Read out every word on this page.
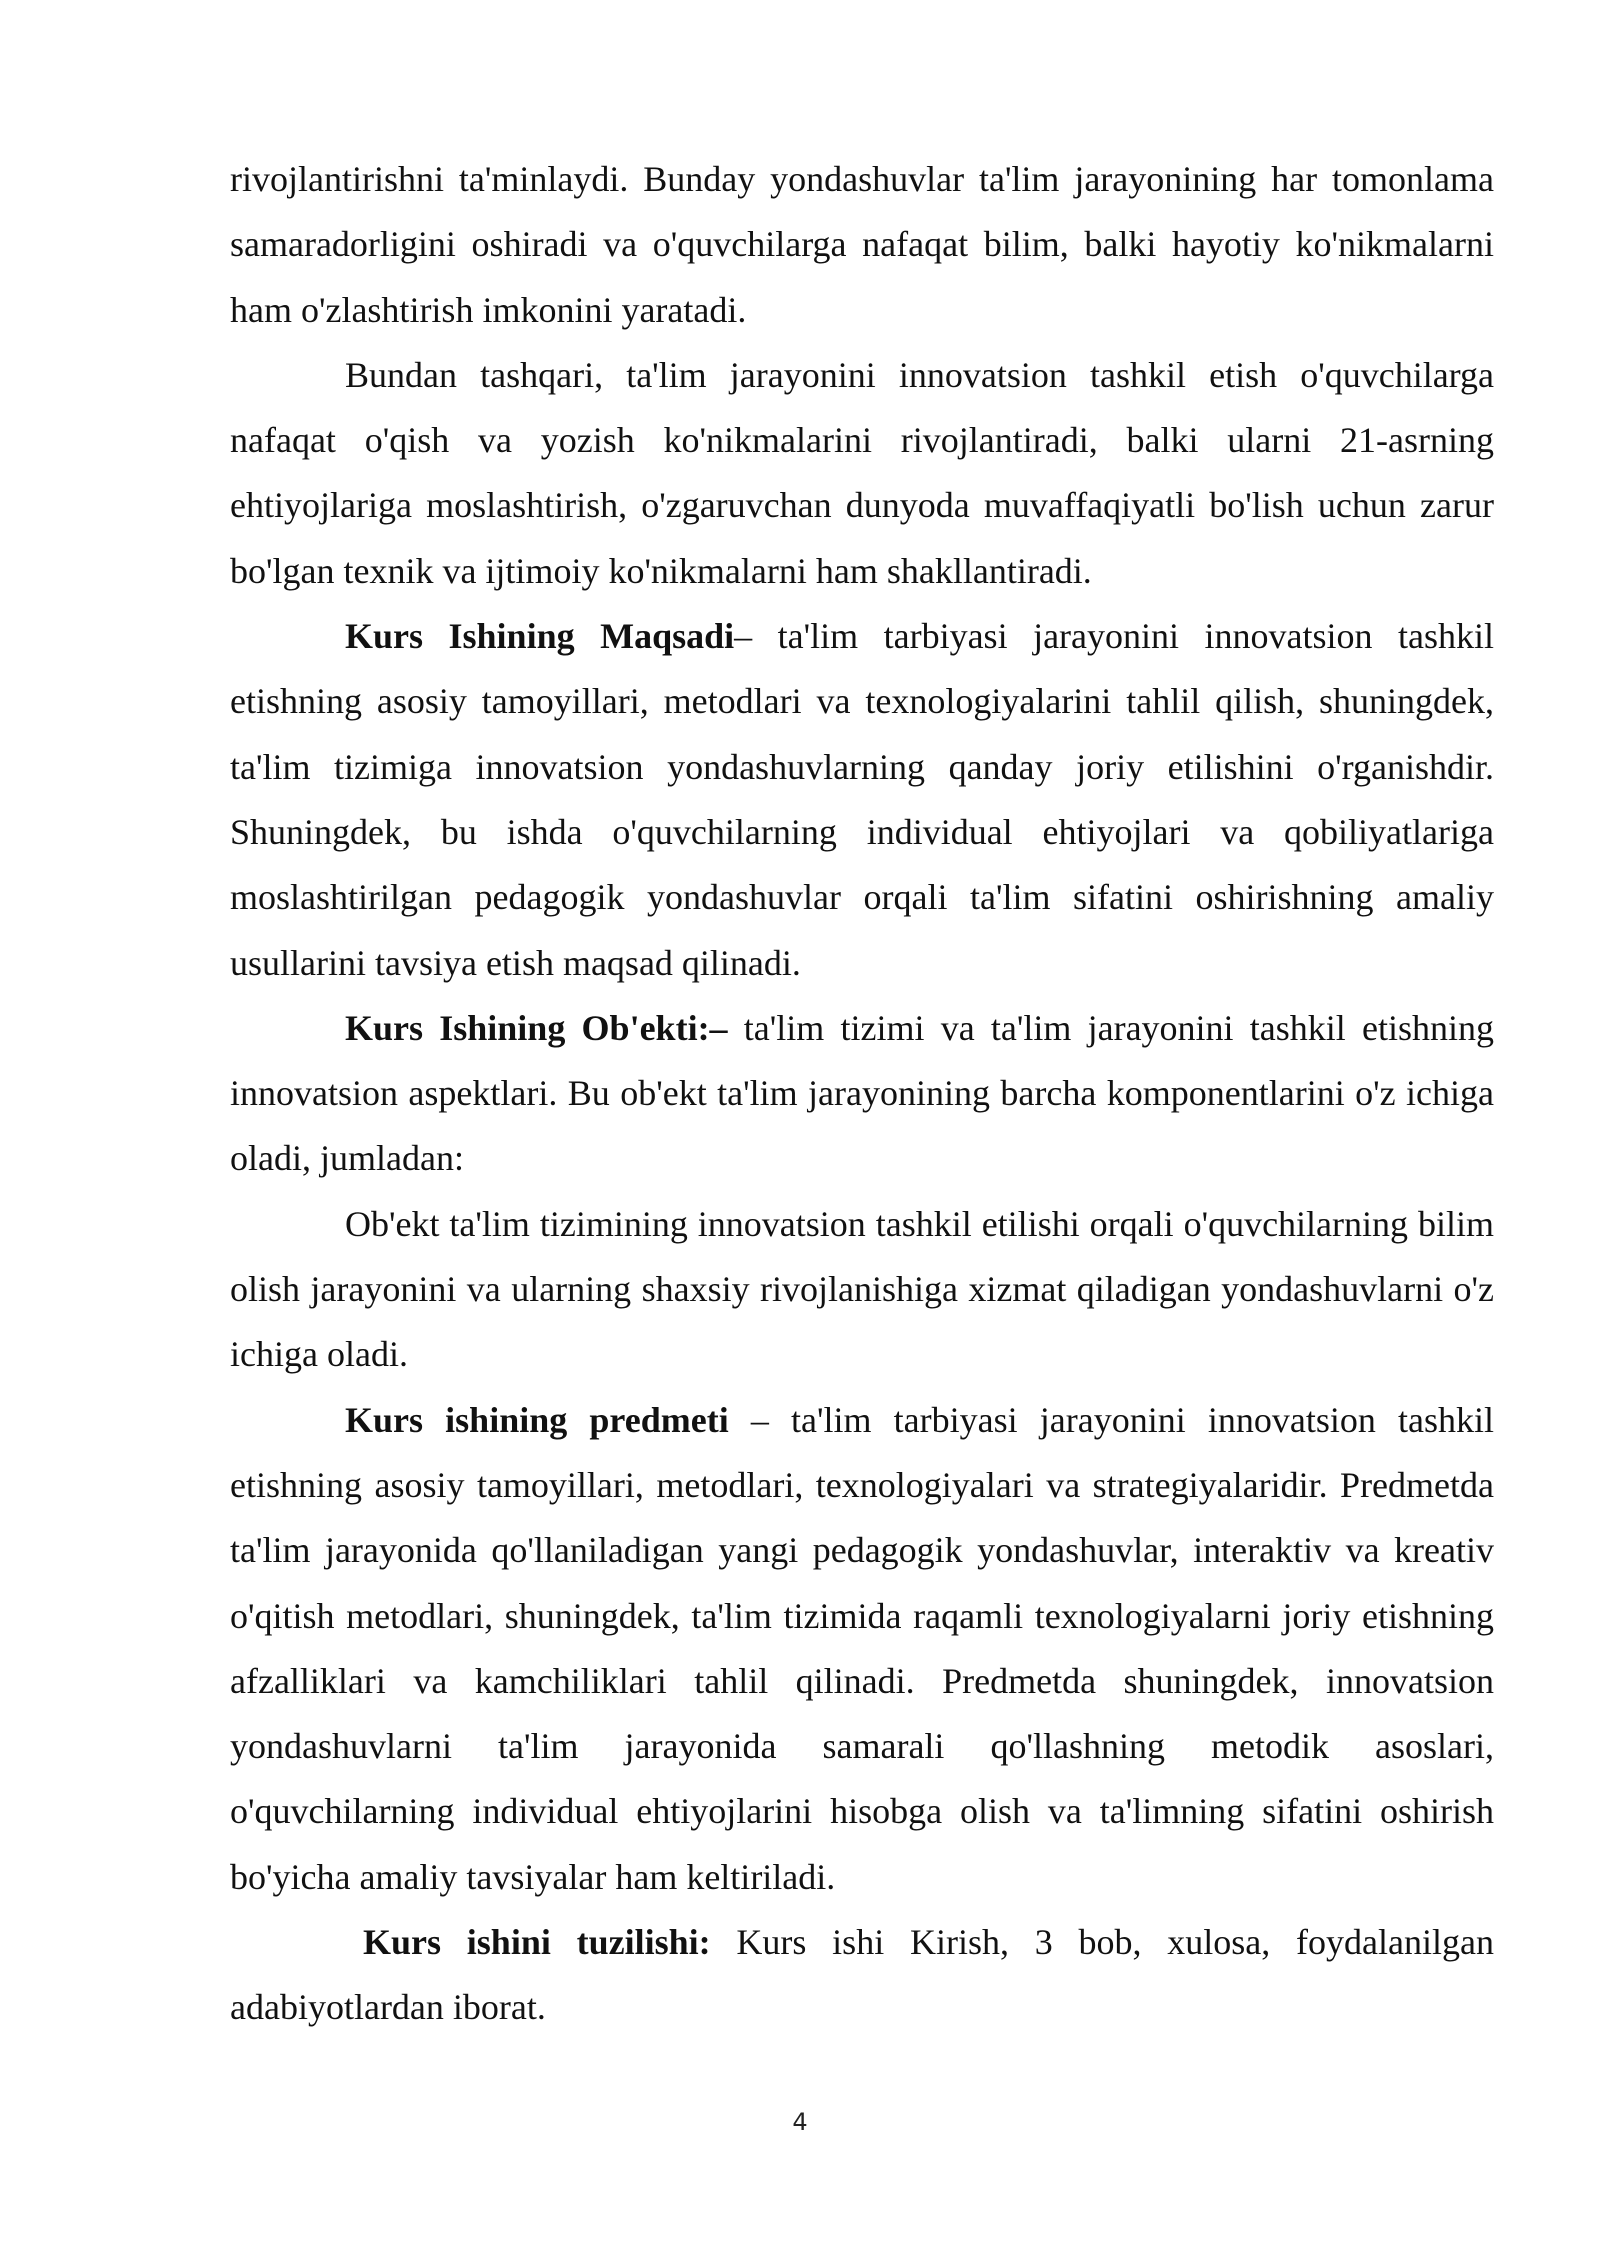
rivojlantirishni ta'minlaydi. Bunday yondashuvlar ta'lim jarayonining har tomonlama samaradorligini oshiradi va o'quvchilarga nafaqat bilim, balki hayotiy ko'nikmalarni ham o'zlashtirish imkonini yaratadi.

Bundan tashqari, ta'lim jarayonini innovatsion tashkil etish o'quvchilarga nafaqat o'qish va yozish ko'nikmalarini rivojlantiradi, balki ularni 21-asrning ehtiyojlariga moslashtirish, o'zgaruvchan dunyoda muvaffaqiyatli bo'lish uchun zarur bo'lgan texnik va ijtimoiy ko'nikmalarni ham shakllantiradi.

Kurs Ishining Maqsadi– ta'lim tarbiyasi jarayonini innovatsion tashkil etishning asosiy tamoyillari, metodlari va texnologiyalarini tahlil qilish, shuningdek, ta'lim tizimiga innovatsion yondashuvlarning qanday joriy etilishini o'rganishdir. Shuningdek, bu ishda o'quvchilarning individual ehtiyojlari va qobiliyatlariga moslashtirilgan pedagogik yondashuvlar orqali ta'lim sifatini oshirishning amaliy usullarini tavsiya etish maqsad qilinadi.

Kurs Ishining Ob'ekti:– ta'lim tizimi va ta'lim jarayonini tashkil etishning innovatsion aspektlari. Bu ob'ekt ta'lim jarayonining barcha komponentlarini o'z ichiga oladi, jumladan:

Ob'ekt ta'lim tizimining innovatsion tashkil etilishi orqali o'quvchilarning bilim olish jarayonini va ularning shaxsiy rivojlanishiga xizmat qiladigan yondashuvlarni o'z ichiga oladi.

Kurs ishining predmeti – ta'lim tarbiyasi jarayonini innovatsion tashkil etishning asosiy tamoyillari, metodlari, texnologiyalari va strategiyalaridir. Predmetda ta'lim jarayonida qo'llaniladigan yangi pedagogik yondashuvlar, interaktiv va kreativ o'qitish metodlari, shuningdek, ta'lim tizimida raqamli texnologiyalarni joriy etishning afzalliklari va kamchiliklari tahlil qilinadi. Predmetda shuningdek, innovatsion yondashuvlarni ta'lim jarayonida samarali qo'llashning metodik asoslari, o'quvchilarning individual ehtiyojlarini hisobga olish va ta'limning sifatini oshirish bo'yicha amaliy tavsiyalar ham keltiriladi.

Kurs ishini tuzilishi: Kurs ishi Kirish, 3 bob, xulosa, foydalanilgan adabiyotlardan iborat.

4
